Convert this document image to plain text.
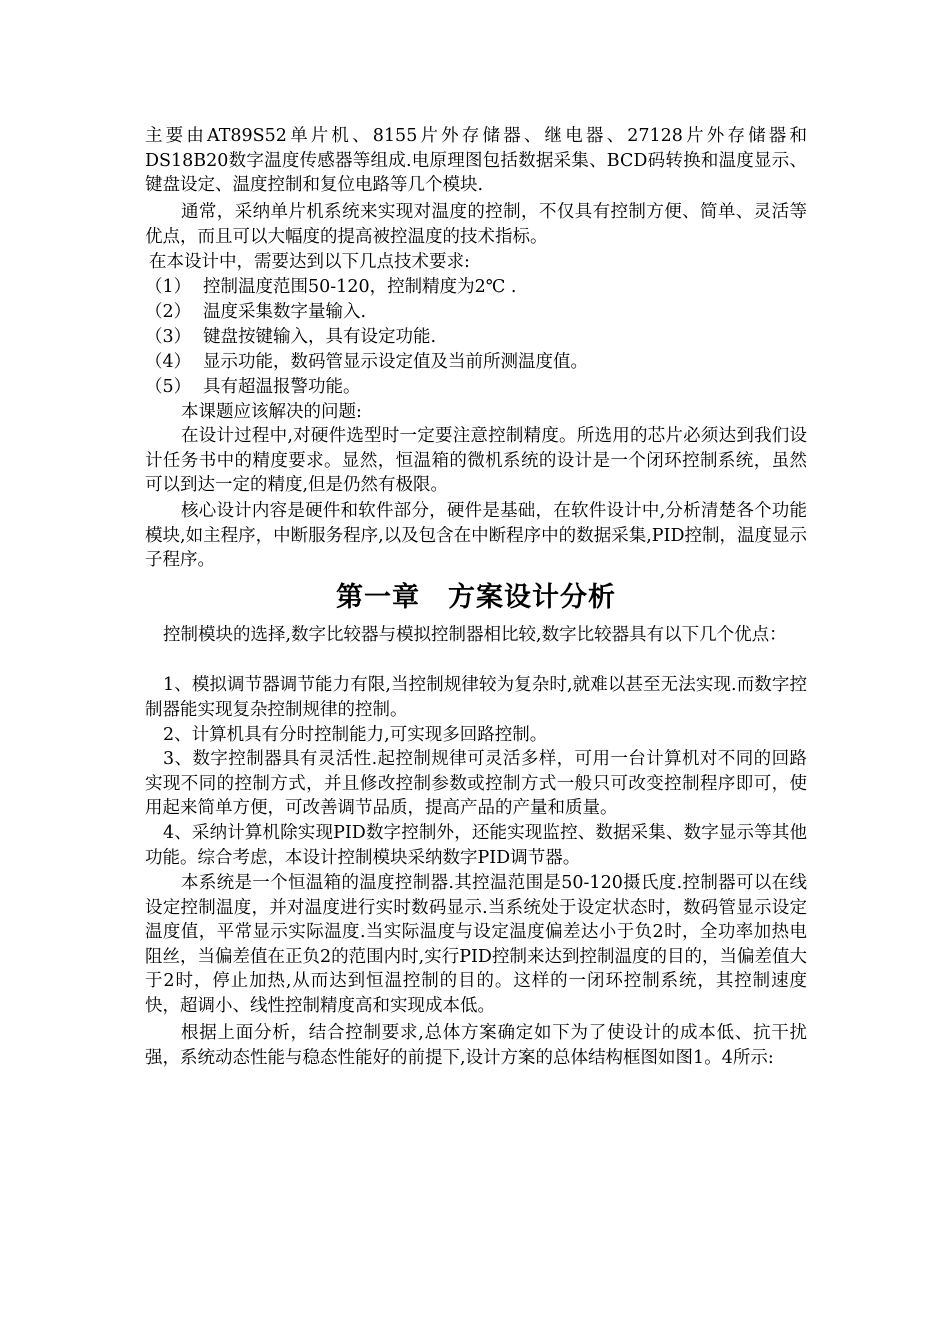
主要由AT89S52单片机、8155片外存储器、继电器、27128片外存储器和DS18B20数字温度传感器等组成.电原理图包括数据采集、BCD码转换和温度显示、键盘设定、温度控制和复位电路等几个模块.

通常，采纳单片机系统来实现对温度的控制，不仅具有控制方便、简单、灵活等优点，而且可以大幅度的提高被控温度的技术指标。

在本设计中，需要达到以下几点技术要求:

（1） 控制温度范围50-120，控制精度为2℃ .

（2） 温度采集数字量输入.

（3） 键盘按键输入，具有设定功能.

（4） 显示功能，数码管显示设定值及当前所测温度值。

（5） 具有超温报警功能。

本课题应该解决的问题:

在设计过程中,对硬件选型时一定要注意控制精度。所选用的芯片必须达到我们设计任务书中的精度要求。显然，恒温箱的微机系统的设计是一个闭环控制系统，虽然可以到达一定的精度,但是仍然有极限。

核心设计内容是硬件和软件部分，硬件是基础，在软件设计中,分析清楚各个功能模块,如主程序，中断服务程序,以及包含在中断程序中的数据采集,PID控制，温度显示子程序。

第一章　方案设计分析

控制模块的选择,数字比较器与模拟控制器相比较,数字比较器具有以下几个优点：

1、模拟调节器调节能力有限,当控制规律较为复杂时,就难以甚至无法实现.而数字控制器能实现复杂控制规律的控制。

2、计算机具有分时控制能力,可实现多回路控制。

3、数字控制器具有灵活性.起控制规律可灵活多样，可用一台计算机对不同的回路实现不同的控制方式，并且修改控制参数或控制方式一般只可改变控制程序即可，使用起来简单方便，可改善调节品质，提高产品的产量和质量。

4、采纳计算机除实现PID数字控制外，还能实现监控、数据采集、数字显示等其他功能。综合考虑，本设计控制模块采纳数字PID调节器。

本系统是一个恒温箱的温度控制器.其控温范围是50-120摄氏度.控制器可以在线设定控制温度，并对温度进行实时数码显示.当系统处于设定状态时，数码管显示设定温度值，平常显示实际温度.当实际温度与设定温度偏差达小于负2时，全功率加热电阻丝，当偏差值在正负2的范围内时,实行PID控制来达到控制温度的目的，当偏差值大于2时，停止加热,从而达到恒温控制的目的。这样的一闭环控制系统，其控制速度快，超调小、线性控制精度高和实现成本低。

根据上面分析，结合控制要求,总体方案确定如下为了使设计的成本低、抗干扰强，系统动态性能与稳态性能好的前提下,设计方案的总体结构框图如图1。4所示:
